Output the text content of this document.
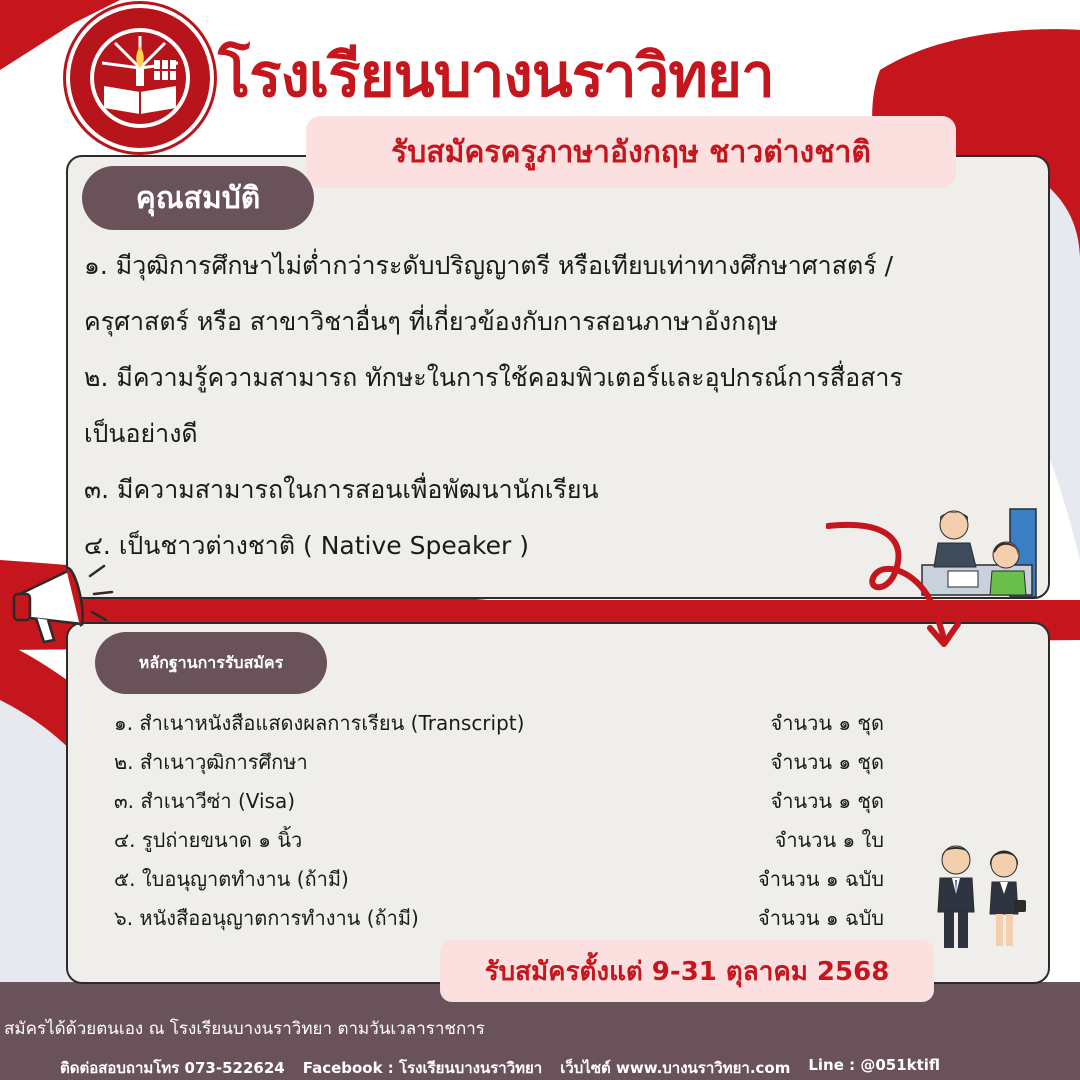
โรงเรียนบางนราวิทยา
รับสมัครครูภาษาอังกฤษ ชาวต่างชาติ
คุณสมบัติ
๑. มีวุฒิการศึกษาไม่ต่ำกว่าระดับปริญญาตรี หรือเทียบเท่าทางศึกษาศาสตร์ /
ครุศาสตร์ หรือ สาขาวิชาอื่นๆ ที่เกี่ยวข้องกับการสอนภาษาอังกฤษ
๒. มีความรู้ความสามารถ ทักษะในการใช้คอมพิวเตอร์และอุปกรณ์การสื่อสาร
เป็นอย่างดี
๓. มีความสามารถในการสอนเพื่อพัฒนานักเรียน
๔. เป็นชาวต่างชาติ ( Native Speaker )
หลักฐานการรับสมัคร
๑. สำเนาหนังสือแสดงผลการเรียน (Transcript)	จำนวน ๑ ชุด
๒. สำเนาวุฒิการศึกษา	จำนวน ๑ ชุด
๓. สำเนาวีซ่า (Visa)	จำนวน ๑ ชุด
๔. รูปถ่ายขนาด ๑ นิ้ว	จำนวน ๑ ใบ
๕. ใบอนุญาตทำงาน (ถ้ามี)	จำนวน ๑ ฉบับ
๖. หนังสืออนุญาตการทำงาน (ถ้ามี)	จำนวน ๑ ฉบับ
รับสมัครตั้งแต่ 9-31 ตุลาคม 2568
สมัครได้ด้วยตนเอง ณ โรงเรียนบางนราวิทยา ตามวันเวลาราชการ
ติดต่อสอบถามโทร 073-522624 Facebook : โรงเรียนบางนราวิทยา เว็บไซต์ www.บางนราวิทยา.com Line : @051ktifl
